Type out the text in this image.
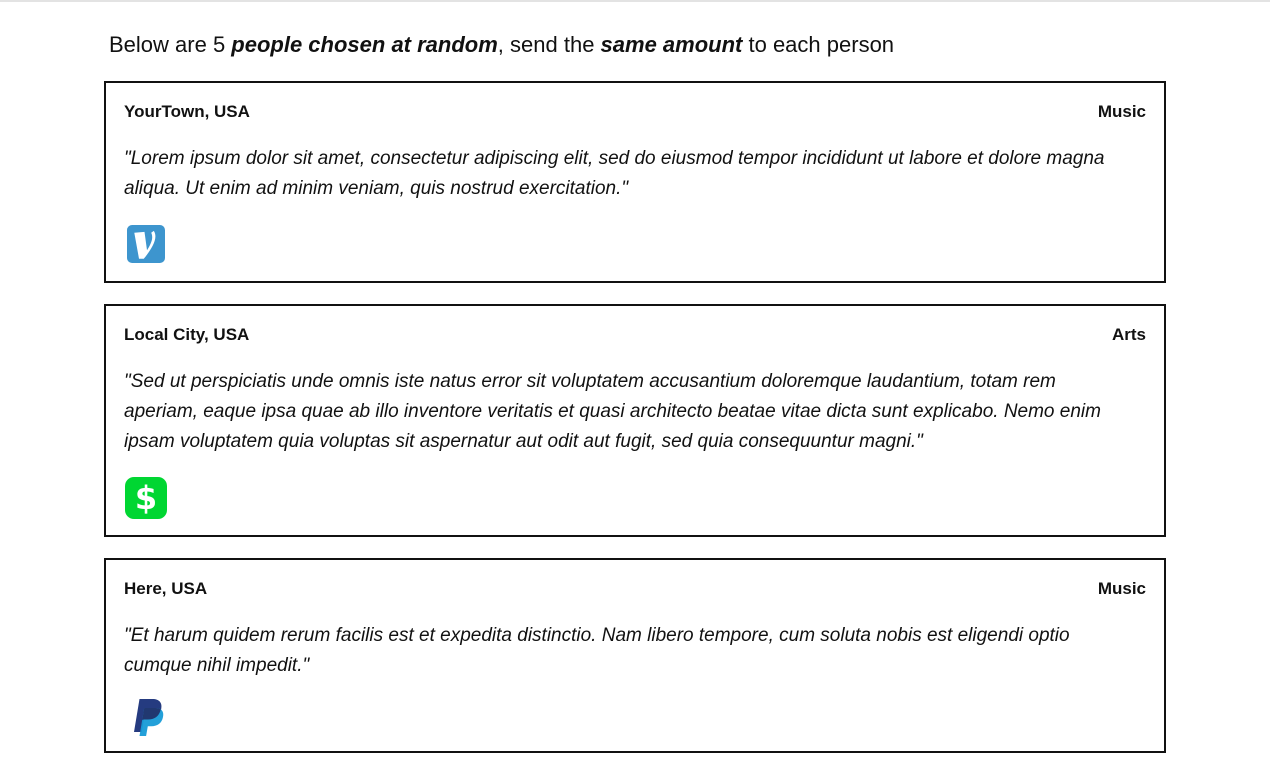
Below are 5 people chosen at random, send the same amount to each person
YourTown, USA	Music
"Lorem ipsum dolor sit amet, consectetur adipiscing elit, sed do eiusmod tempor incididunt ut labore et dolore magna aliqua. Ut enim ad minim veniam, quis nostrud exercitation."
Local City, USA	Arts
"Sed ut perspiciatis unde omnis iste natus error sit voluptatem accusantium doloremque laudantium, totam rem aperiam, eaque ipsa quae ab illo inventore veritatis et quasi architecto beatae vitae dicta sunt explicabo. Nemo enim ipsam voluptatem quia voluptas sit aspernatur aut odit aut fugit, sed quia consequuntur magni."
$
Here, USA	Music
"Et harum quidem rerum facilis est et expedita distinctio. Nam libero tempore, cum soluta nobis est eligendi optio cumque nihil impedit."
